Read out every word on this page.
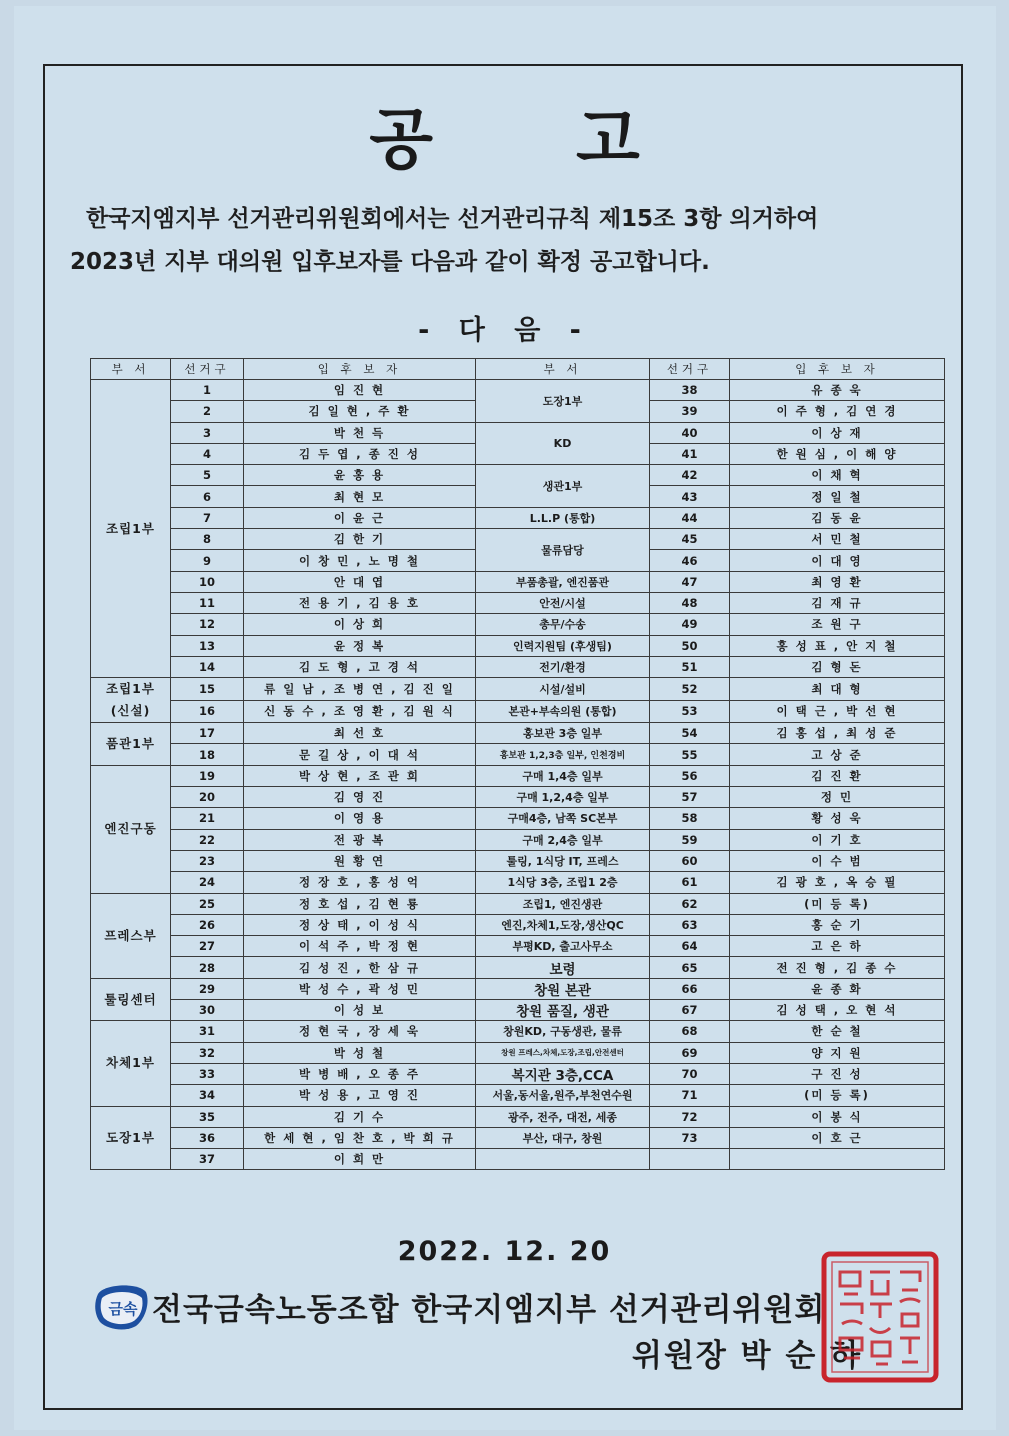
공 고
한국지엠지부 선거관리위원회에서는 선거관리규칙 제15조 3항 의거하여
2023년 지부 대의원 입후보자를 다음과 같이 확정 공고합니다.
- 다 음 -
부 서	선거구	입 후 보 자	부 서	선거구	입 후 보 자
조립1부	1	임 진 현	도장1부	38	유 종 욱
	2	김 일 현 , 주 환		39	이 주 형 , 김 연 경
	3	박 천 득	KD	40	이 상 재
	4	김 두 엽 , 종 진 성		41	한 원 심 , 이 해 양
	5	윤 홍 용	생관1부	42	이 채 혁
	6	최 현 모		43	정 일 철
	7	이 윤 근	L.L.P (통합)	44	김 동 윤
	8	김 한 기	물류담당	45	서 민 철
	9	이 창 민 , 노 명 철		46	이 대 영
	10	안 대 엽	부품총괄, 엔진품관	47	최 영 환
	11	전 용 기 , 김 용 호	안전/시설	48	김 재 규
	12	이 상 희	총무/수송	49	조 원 구
	13	윤 정 복	인력지원팀 (후생팀)	50	홍 성 표 , 안 지 철
	14	김 도 형 , 고 경 석	전기/환경	51	김 형 돈
조립1부
(신설)	15	류 일 남 , 조 병 연 , 김 진 일	시설/설비	52	최 대 형
	16	신 동 수 , 조 영 환 , 김 원 식	본관+부속의원 (통합)	53	이 택 근 , 박 선 현
품관1부	17	최 선 호	홍보관 3층 일부	54	김 홍 섭 , 최 성 준
	18	문 길 상 , 이 대 석	홍보관 1,2,3층 일부, 인천경비	55	고 상 준
엔진구동	19	박 상 현 , 조 관 희	구매 1,4층 일부	56	김 진 환
	20	김 영 진	구매 1,2,4층 일부	57	정 민
	21	이 영 용	구매4층, 남쪽 SC본부	58	황 성 욱
	22	전 광 복	구매 2,4층 일부	59	이 기 호
	23	원 황 연	툴링, 1식당 IT, 프레스	60	이 수 범
	24	정 장 호 , 홍 성 억	1식당 3층, 조립1 2층	61	김 광 호 , 옥 승 필
프레스부	25	정 호 섭 , 김 현 룡	조립1, 엔진생관	62	(미 등 록)
	26	정 상 태 , 이 성 식	엔진,차체1,도장,생산QC	63	홍 순 기
	27	이 석 주 , 박 정 현	부평KD, 출고사무소	64	고 은 하
	28	김 성 진 , 한 삼 규	보령	65	전 진 형 , 김 종 수
툴링센터	29	박 성 수 , 곽 성 민	창원 본관	66	윤 종 화
	30	이 성 보	창원 품질, 생관	67	김 성 택 , 오 현 석
차체1부	31	정 현 국 , 장 세 욱	창원KD, 구동생관, 물류	68	한 순 철
	32	박 성 철	창원 프레스,차체,도장,조립,안전센터	69	양 지 원
	33	박 병 배 , 오 종 주	복지관 3층,CCA	70	구 진 성
	34	박 성 용 , 고 영 진	서울,동서울,원주,부천연수원	71	(미 등 록)
도장1부	35	김 기 수	광주, 전주, 대전, 세종	72	이 봉 식
	36	한 세 현 , 임 찬 호 , 박 희 규	부산, 대구, 창원	73	이 호 근
	37	이 희 만			
2022. 12. 20
금속 전국금속노동조합 한국지엠지부 선거관리위원회
위원장 박 순 하
